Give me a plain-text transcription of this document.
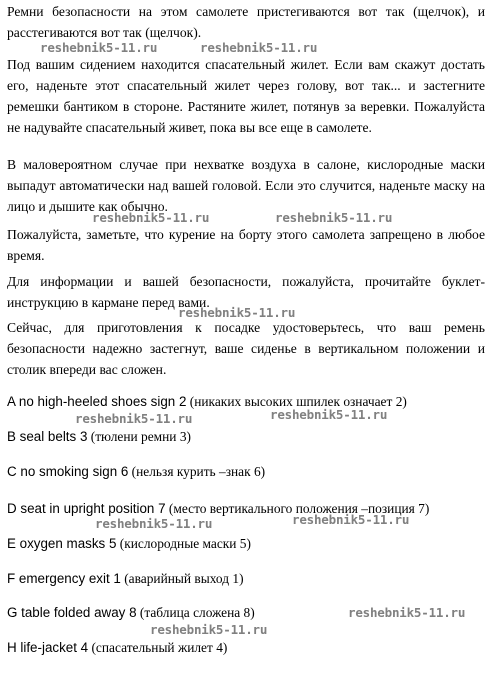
Ремни безопасности на этом самолете пристегиваются вот так (щелчок), и расстегиваются вот так (щелчок).

Под вашим сидением находится спасательный жилет. Если вам скажут достать его, наденьте этот спасательный жилет через голову, вот так... и застегните ремешки бантиком в стороне. Растяните жилет, потянув за веревки. Пожалуйста не надувайте спасательный живет, пока вы все еще в самолете.

В маловероятном случае при нехватке воздуха в салоне, кислородные маски выпадут автоматически над вашей головой. Если это случится, наденьте маску на лицо и дышите как обычно.

Пожалуйста, заметьте, что курение на борту этого самолета запрещено в любое время.

Для информации и вашей безопасности, пожалуйста, прочитайте буклет-инструкцию в кармане перед вами.

Сейчас, для приготовления к посадке удостоверьтесь, что ваш ремень безопасности надежно застегнут, ваше сиденье в вертикальном положении и столик впереди вас сложен.

A no high-heeled shoes sign 2 (никаких высоких шпилек означает 2)
B seal belts 3 (тюлени ремни 3)
C no smoking sign 6 (нельзя курить –знак 6)
D seat in upright position 7 (место вертикального положения –позиция 7)
E oxygen masks 5 (кислородные маски 5)
F emergency exit 1 (аварийный выход 1)
G table folded away 8 (таблица сложена 8)
H life-jacket 4 (спасательный жилет 4)
reshebnik5-11.ru	reshebnik5-11.ru
reshebnik5-11.ru	reshebnik5-11.ru
reshebnik5-11.ru
reshebnik5-11.ru
reshebnik5-11.ru
reshebnik5-11.ru	reshebnik5-11.ru
reshebnik5-11.ru
reshebnik5-11.ru
